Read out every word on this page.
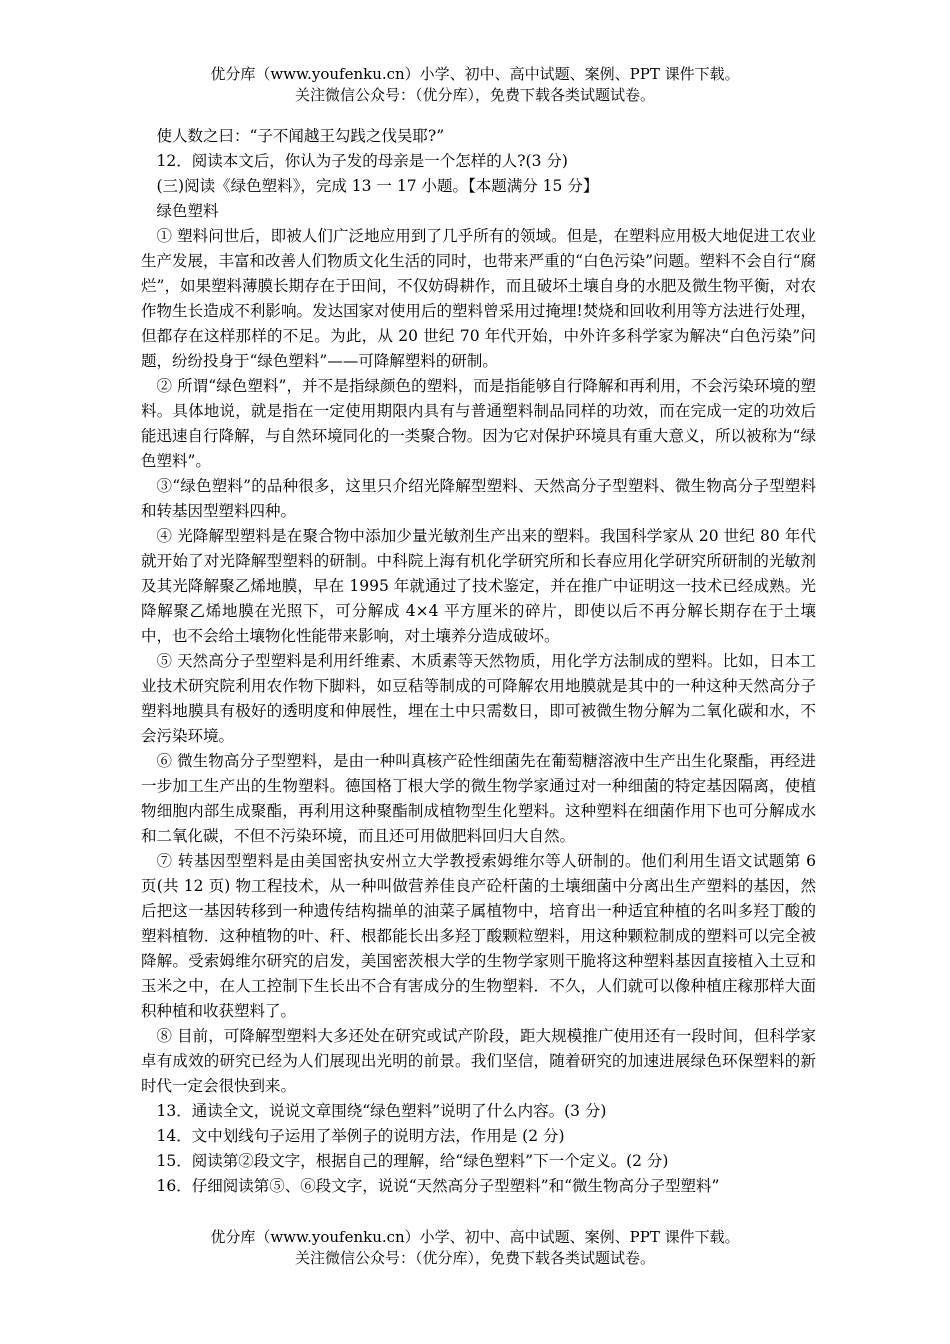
优分库（www.youfenku.cn）小学、初中、高中试题、案例、PPT 课件下载。
关注微信公众号：（优分库），免费下载各类试题试卷。
使人数之曰：“子不闻越王勾践之伐吴耶?”
12．阅读本文后，你认为子发的母亲是一个怎样的人?(3 分)
(三)阅读《绿色塑料》，完成 13 一 17 小题。【本题满分 15 分】
绿色塑料

① 塑料问世后，即被人们广泛地应用到了几乎所有的领域。但是，在塑料应用极大地促进工农业生产发展，丰富和改善人们物质文化生活的同时，也带来严重的“白色污染”问题。塑料不会自行“腐烂”，如果塑料薄膜长期存在于田间，不仅妨碍耕作，而且破坏土壤自身的水肥及微生物平衡，对农作物生长造成不利影响。发达国家对使用后的塑料曾采用过掩埋!焚烧和回收利用等方法进行处理，但都存在这样那样的不足。为此，从 20 世纪 70 年代开始，中外许多科学家为解决“白色污染”问题，纷纷投身于“绿色塑料”——可降解塑料的研制。

② 所谓“绿色塑料”，并不是指绿颜色的塑料，而是指能够自行降解和再利用，不会污染环境的塑料。具体地说，就是指在一定使用期限内具有与普通塑料制品同样的功效，而在完成一定的功效后能迅速自行降解，与自然环境同化的一类聚合物。因为它对保护环境具有重大意义，所以被称为“绿色塑料”。

③“绿色塑料”的品种很多，这里只介绍光降解型塑料、天然高分子型塑料、微生物高分子型塑料和转基因型塑料四种。

④ 光降解型塑料是在聚合物中添加少量光敏剂生产出来的塑料。我国科学家从 20 世纪 80 年代就开始了对光降解型塑料的研制。中科院上海有机化学研究所和长春应用化学研究所研制的光敏剂及其光降解聚乙烯地膜，早在 1995 年就通过了技术鉴定，并在推广中证明这一技术已经成熟。光降解聚乙烯地膜在光照下，可分解成 4×4 平方厘米的碎片，即使以后不再分解长期存在于土壤中，也不会给土壤物化性能带来影响，对土壤养分造成破坏。

⑤ 天然高分子型塑料是利用纤维素、木质素等天然物质，用化学方法制成的塑料。比如，日本工业技术研究院利用农作物下脚料，如豆秸等制成的可降解农用地膜就是其中的一种这种天然高分子塑料地膜具有极好的透明度和伸展性，埋在土中只需数日，即可被微生物分解为二氧化碳和水，不会污染环境。

⑥ 微生物高分子型塑料，是由一种叫真核产砼性细菌先在葡萄糖溶液中生产出生化聚酯，再经进一步加工生产出的生物塑料。德国格丁根大学的微生物学家通过对一种细菌的特定基因隔离，使植物细胞内部生成聚酯，再利用这种聚酯制成植物型生化塑料。这种塑料在细菌作用下也可分解成水和二氧化碳，不但不污染环境，而且还可用做肥料回归大自然。

⑦ 转基因型塑料是由美国密执安州立大学教授索姆维尔等人研制的。他们利用生语文试题第 6 页(共 12 页) 物工程技术，从一种叫做营养佳良产砼杆菌的土壤细菌中分离出生产塑料的基因，然后把这一基因转移到一种遗传结构揣单的油菜子属植物中，培育出一种适宜种植的名叫多羟丁酸的塑料植物．这种植物的叶、秆、根都能长出多羟丁酸颗粒塑料，用这种颗粒制成的塑料可以完全被降解。受索姆维尔研究的启发，美国密茨根大学的生物学家则干脆将这种塑料基因直接植入土豆和玉米之中，在人工控制下生长出不合有害成分的生物塑料．不久，人们就可以像种植庄稼那样大面积种植和收获塑料了。

⑧ 目前，可降解型塑料大多还处在研究或试产阶段，距大规模推广使用还有一段时间，但科学家卓有成效的研究已经为人们展现出光明的前景。我们坚信，随着研究的加速进展绿色环保塑料的新时代一定会很快到来。

13．通读全文，说说文章围绕“绿色塑料”说明了什么内容。(3 分)
14．文中划线句子运用了举例子的说明方法，作用是 (2 分)
15．阅读第②段文字，根据自己的理解，给“绿色塑料”下一个定义。(2 分)
16．仔细阅读第⑤、⑥段文字，说说“天然高分子型塑料”和“微生物高分子型塑料”
优分库（www.youfenku.cn）小学、初中、高中试题、案例、PPT 课件下载。
关注微信公众号：（优分库），免费下载各类试题试卷。
